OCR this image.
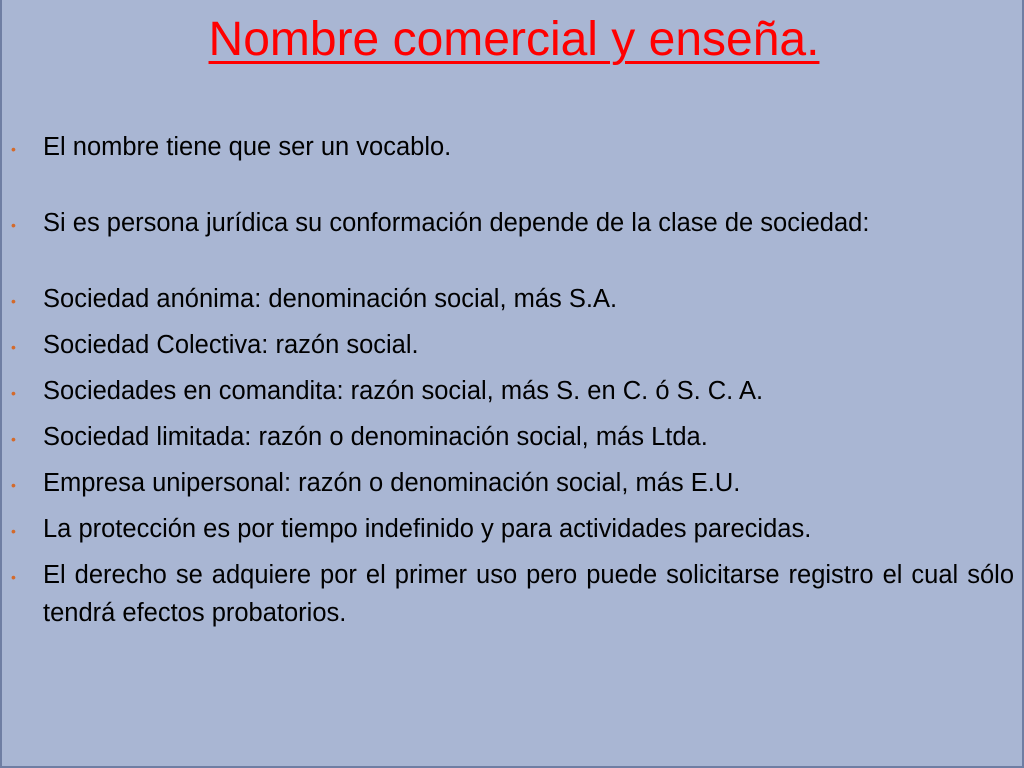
Nombre comercial y enseña.
• El nombre tiene que ser un vocablo.
• Si es persona jurídica su conformación depende de la clase de sociedad:
• Sociedad anónima: denominación social, más S.A.
• Sociedad Colectiva: razón social.
• Sociedades en comandita: razón social, más S. en C. ó S. C. A.
• Sociedad limitada: razón o denominación social, más Ltda.
• Empresa unipersonal: razón o denominación social, más E.U.
• La protección es por tiempo indefinido y para actividades parecidas.
• El derecho se adquiere por el primer uso pero puede solicitarse registro el cual sólo tendrá efectos probatorios.
